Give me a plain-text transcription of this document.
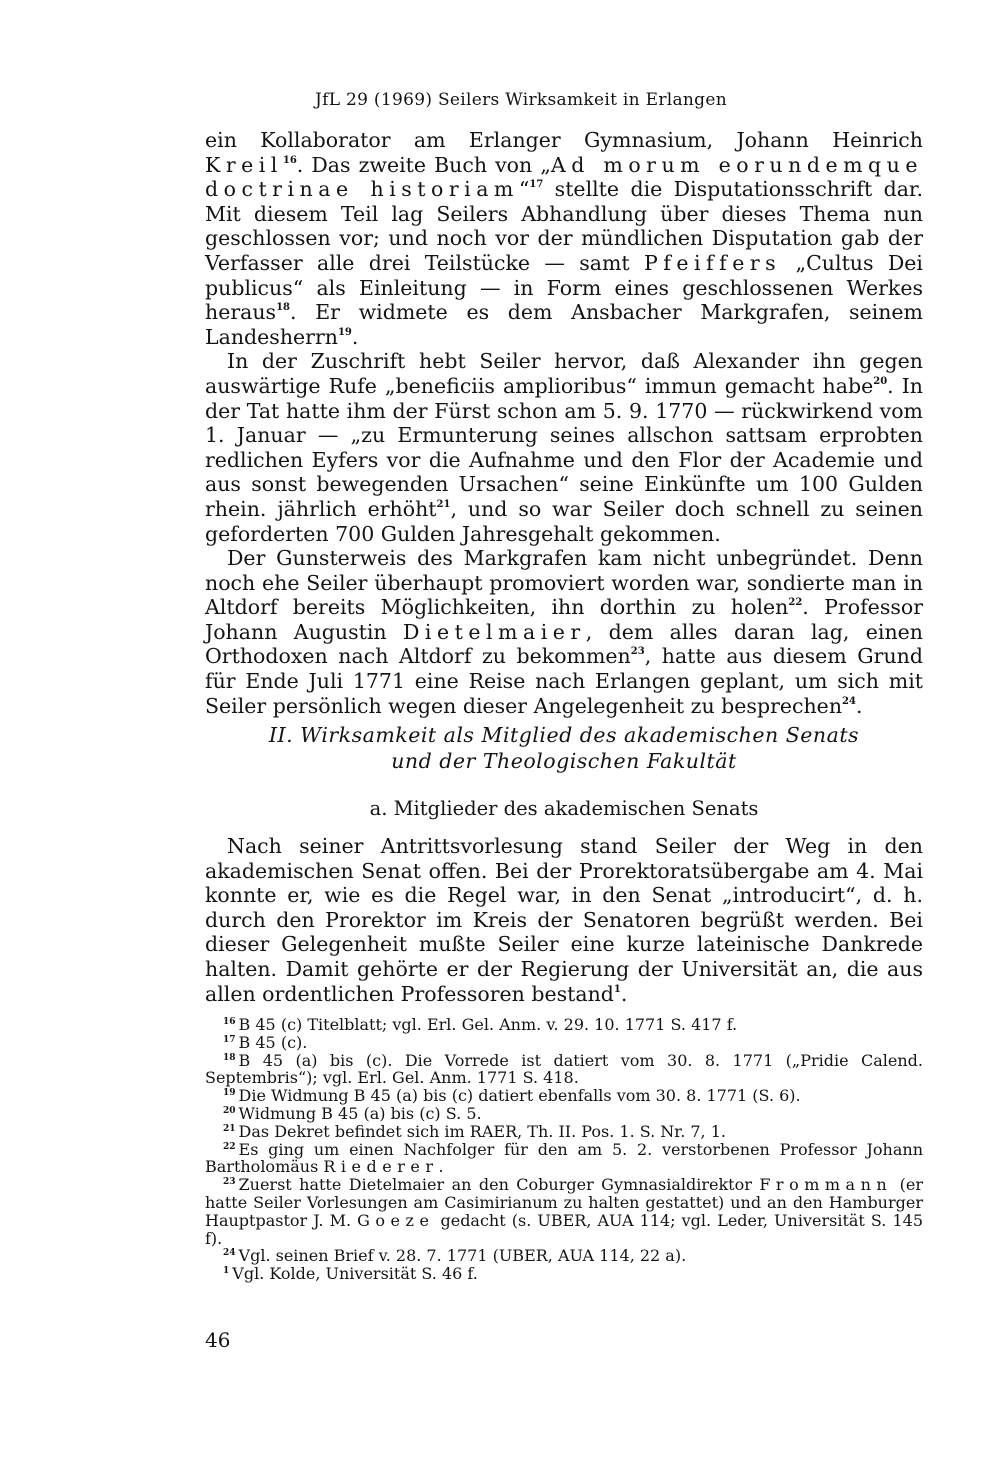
JfL 29 (1969) Seilers Wirksamkeit in Erlangen

ein Kollaborator am Erlanger Gymnasium, Johann Heinrich Kreil$^{16}$. Das zweite Buch von „Ad morum eorundemque doctrinae historiam“$^{17}$ stellte die Disputationsschrift dar. Mit diesem Teil lag Seilers Abhandlung über dieses Thema nun geschlossen vor; und noch vor der mündlichen Disputation gab der Verfasser alle drei Teilstücke — samt Pfeiffers „Cultus Dei publicus“ als Einleitung — in Form eines geschlossenen Werkes heraus$^{18}$. Er widmete es dem Ansbacher Markgrafen, seinem Landesherrn$^{19}$.

In der Zuschrift hebt Seiler hervor, daß Alexander ihn gegen auswärtige Rufe „beneficiis amplioribus“ immun gemacht habe$^{20}$. In der Tat hatte ihm der Fürst schon am 5. 9. 1770 — rückwirkend vom 1. Januar — „zu Ermunterung seines allschon sattsam erprobten redlichen Eyfers vor die Aufnahme und den Flor der Academie und aus sonst bewegenden Ursachen“ seine Einkünfte um 100 Gulden rhein. jährlich erhöht$^{21}$, und so war Seiler doch schnell zu seinen geforderten 700 Gulden Jahresgehalt gekommen.

Der Gunsterweis des Markgrafen kam nicht unbegründet. Denn noch ehe Seiler überhaupt promoviert worden war, sondierte man in Altdorf bereits Möglichkeiten, ihn dorthin zu holen$^{22}$. Professor Johann Augustin Dietelmaier, dem alles daran lag, einen Orthodoxen nach Altdorf zu bekommen$^{23}$, hatte aus diesem Grund für Ende Juli 1771 eine Reise nach Erlangen geplant, um sich mit Seiler persönlich wegen dieser Angelegenheit zu besprechen$^{24}$.

II. Wirksamkeit als Mitglied des akademischen Senats
und der Theologischen Fakultät
a. Mitglieder des akademischen Senats

Nach seiner Antrittsvorlesung stand Seiler der Weg in den akademischen Senat offen. Bei der Prorektoratsübergabe am 4. Mai konnte er, wie es die Regel war, in den Senat „introducirt“, d. h. durch den Prorektor im Kreis der Senatoren begrüßt werden. Bei dieser Gelegenheit mußte Seiler eine kurze lateinische Dankrede halten. Damit gehörte er der Regierung der Universität an, die aus allen ordentlichen Professoren bestand$^1$.

$^{16}$ B 45 (c) Titelblatt; vgl. Erl. Gel. Anm. v. 29. 10. 1771 S. 417 f.

$^{17}$ B 45 (c).

$^{18}$ B 45 (a) bis (c). Die Vorrede ist datiert vom 30. 8. 1771 („Pridie Calend. Septembris“); vgl. Erl. Gel. Anm. 1771 S. 418.

$^{19}$ Die Widmung B 45 (a) bis (c) datiert ebenfalls vom 30. 8. 1771 (S. 6).

$^{20}$ Widmung B 45 (a) bis (c) S. 5.

$^{21}$ Das Dekret befindet sich im RAER, Th. II. Pos. 1. S. Nr. 7, 1.

$^{22}$ Es ging um einen Nachfolger für den am 5. 2. verstorbenen Professor Johann Bartholomäus Riederer.

$^{23}$ Zuerst hatte Dietelmaier an den Coburger Gymnasialdirektor Frommann (er hatte Seiler Vorlesungen am Casimirianum zu halten gestattet) und an den Hamburger Hauptpastor J. M. Goeze gedacht (s. UBER, AUA 114; vgl. Leder, Universität S. 145 f).

$^{24}$ Vgl. seinen Brief v. 28. 7. 1771 (UBER, AUA 114, 22 a).

$^1$ Vgl. Kolde, Universität S. 46 f.

46
